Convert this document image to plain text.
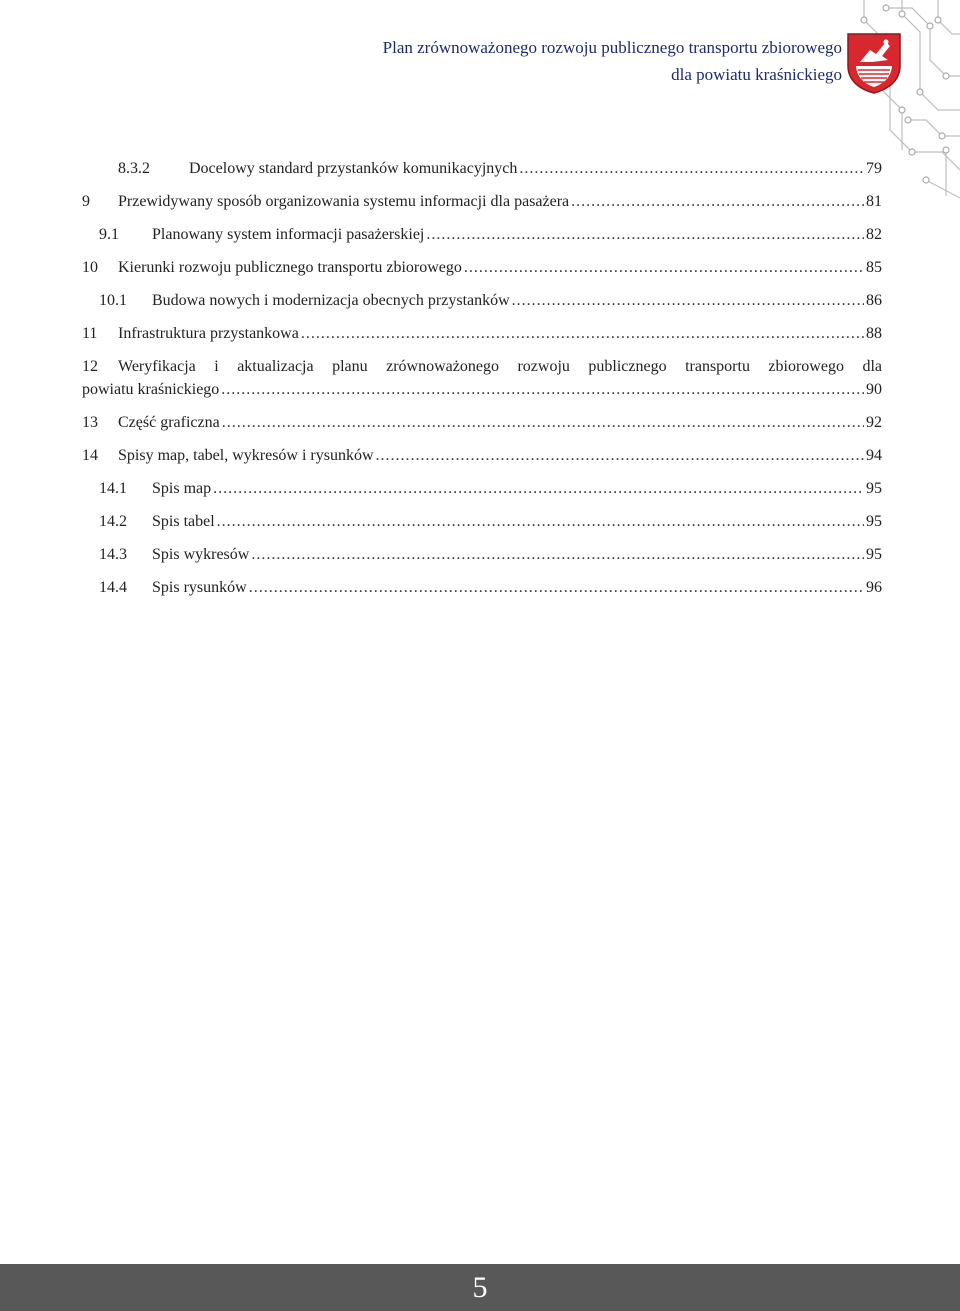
Plan zrównoważonego rozwoju publicznego transportu zbiorowego
dla powiatu kraśnickiego
8.3.2	Docelowy standard przystanków komunikacyjnych .....	79
9	Przewidywany sposób organizowania systemu informacji dla pasażera .....	81
9.1	Planowany system informacji pasażerskiej .....	82
10	Kierunki rozwoju publicznego transportu zbiorowego .....	85
10.1	Budowa nowych i modernizacja obecnych przystanków .....	86
11	Infrastruktura przystankowa .....	88
12	Weryfikacja i aktualizacja planu zrównoważonego rozwoju publicznego transportu zbiorowego dla
powiatu kraśnickiego .....	90
13	Część graficzna .....	92
14	Spisy map, tabel, wykresów i rysunków .....	94
14.1	Spis map .....	95
14.2	Spis tabel .....	95
14.3	Spis wykresów .....	95
14.4	Spis rysunków .....	96
5
